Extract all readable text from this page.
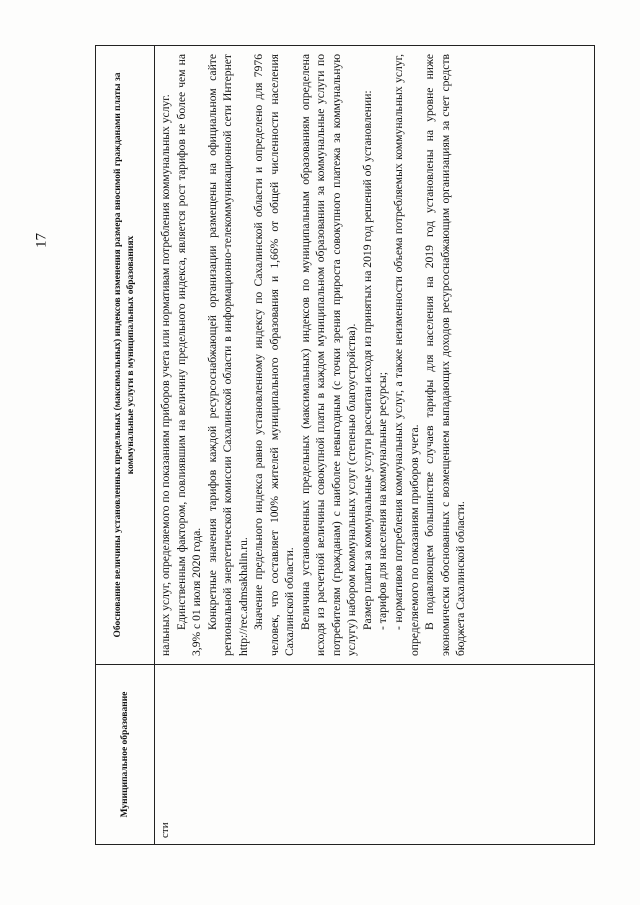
17
Муниципальное образование
Обоснование величины установленных предельных (максимальных) индексов изменения размера вносимой гражданами платы за коммунальные услуги в муниципальных образованиях
сти

нальных услуг, определяемого по показаниям приборов учета или нормативам потребления коммунальных услуг. Единственным фактором, повлиявшим на величину предельного индекса, является рост тарифов не более чем на 3,9% с 01 июля 2020 года. Конкретные значения тарифов каждой ресурсоснабжающей организации размещены на официальном сайте региональной энергетической комиссии Сахалинской области в информационно-телекоммуникационной сети Интернет http://rec.admsakhalin.ru. Значение предельного индекса равно установленному индексу по Сахалинской области и определено для 7976 человек, что составляет 100% жителей муниципального образования и 1,66% от общей численности населения Сахалинской области. Величина установленных предельных (максимальных) индексов по муниципальным образованиям определена исходя из расчетной величины совокупной платы в каждом муниципальном образовании за коммунальные услуги по потребителям (гражданам) с наиболее невыгодным (с точки зрения прироста совокупного платежа за коммунальную услугу) набором коммунальных услуг (степенью благоустройства). Размер платы за коммунальные услуги рассчитан исходя из принятых на 2019 год решений об установлении: - тарифов для населения на коммунальные ресурсы; - нормативов потребления коммунальных услуг, а также неизменности объема потребляемых коммунальных услуг, определяемого по показаниям приборов учета. В подавляющем большинстве случаев тарифы для населения на 2019 год установлены на уровне ниже экономически обоснованных с возмещением выпадающих доходов ресурсоснабжающим организациям за счет средств бюджета Сахалинской области.
